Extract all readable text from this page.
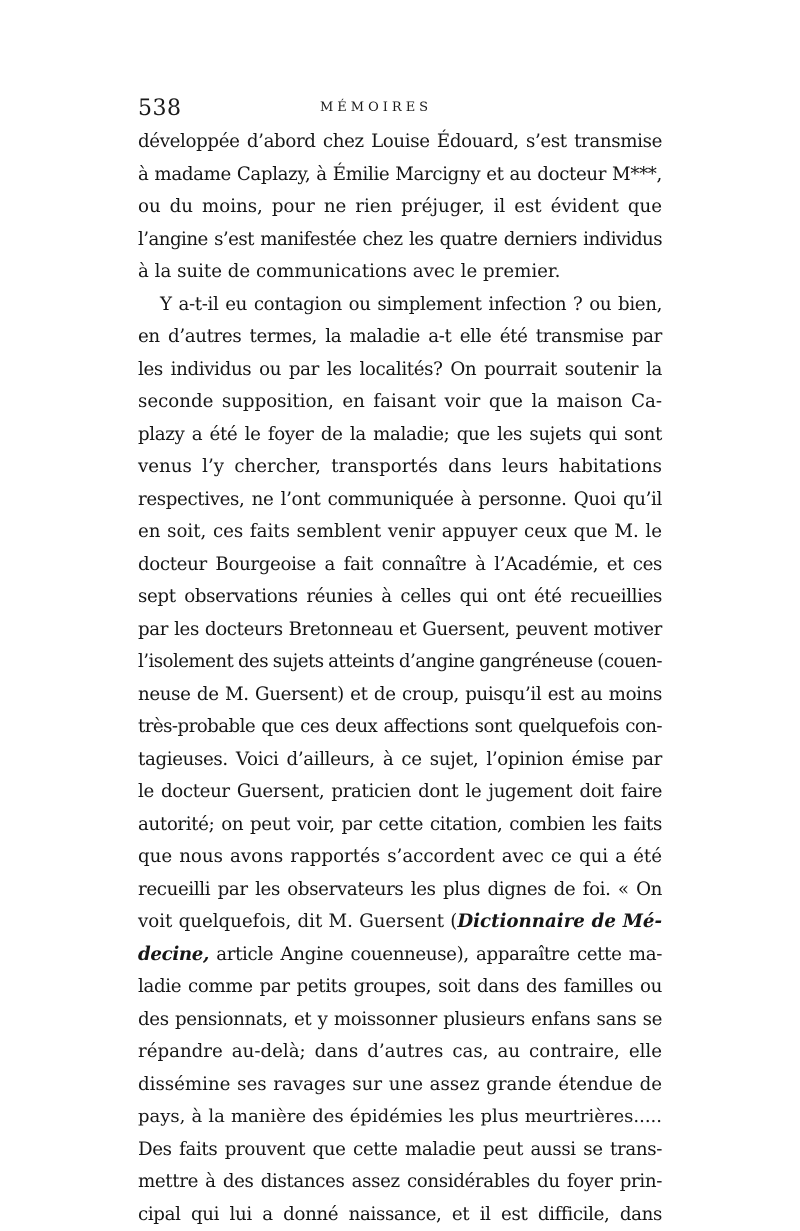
538	MÉMOIRES
développée d’abord chez Louise Édouard, s’est transmise
à madame Caplazy, à Émilie Marcigny et au docteur M***,
ou du moins, pour ne rien préjuger, il est évident que
l’angine s’est manifestée chez les quatre derniers individus
à la suite de communications avec le premier.
Y a-t-il eu contagion ou simplement infection ? ou bien,
en d’autres termes, la maladie a-t elle été transmise par
les individus ou par les localités? On pourrait soutenir la
seconde supposition, en faisant voir que la maison Ca-
plazy a été le foyer de la maladie; que les sujets qui sont
venus l’y chercher, transportés dans leurs habitations
respectives, ne l’ont communiquée à personne. Quoi qu’il
en soit, ces faits semblent venir appuyer ceux que M. le
docteur Bourgeoise a fait connaître à l’Académie, et ces
sept observations réunies à celles qui ont été recueillies
par les docteurs Bretonneau et Guersent, peuvent motiver
l’isolement des sujets atteints d’angine gangréneuse (couen-
neuse de M. Guersent) et de croup, puisqu’il est au moins
très-probable que ces deux affections sont quelquefois con-
tagieuses. Voici d’ailleurs, à ce sujet, l’opinion émise par
le docteur Guersent, praticien dont le jugement doit faire
autorité; on peut voir, par cette citation, combien les faits
que nous avons rapportés s’accordent avec ce qui a été
recueilli par les observateurs les plus dignes de foi. « On
voit quelquefois, dit M. Guersent (Dictionnaire de Mé-
decine, article Angine couenneuse), apparaître cette ma-
ladie comme par petits groupes, soit dans des familles ou
des pensionnats, et y moissonner plusieurs enfans sans se
répandre au-delà; dans d’autres cas, au contraire, elle
dissémine ses ravages sur une assez grande étendue de
pays, à la manière des épidémies les plus meurtrières.....
Des faits prouvent que cette maladie peut aussi se trans-
mettre à des distances assez considérables du foyer prin-
cipal qui lui a donné naissance, et il est difficile, dans
